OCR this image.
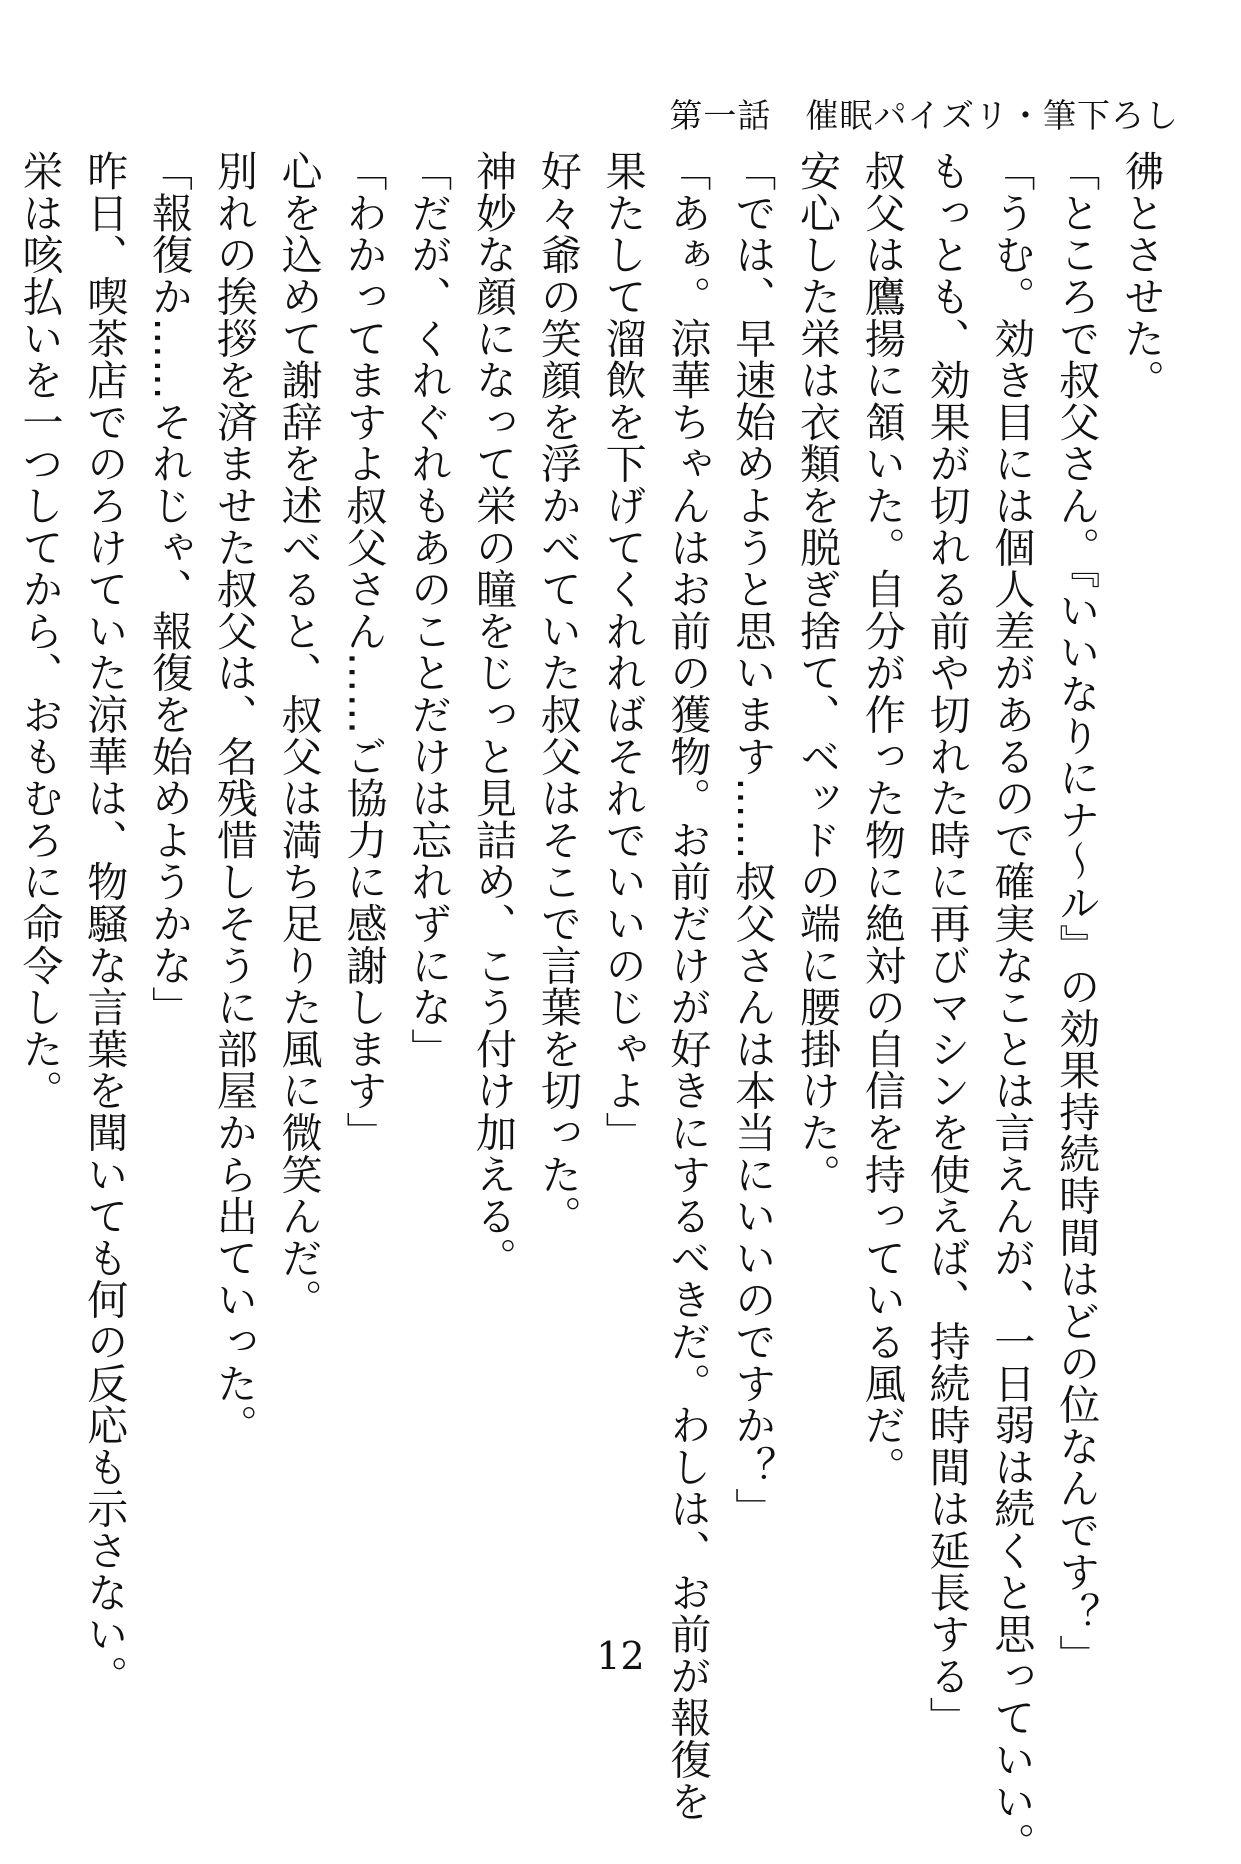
第一話　催眠パイズリ・筆下ろし
彿とさせた。
「ところで叔父さん。『いいなりにナ～ル』の効果持続時間はどの位なんです？」
「うむ。効き目には個人差があるので確実なことは言えんが、一日弱は続くと思っていい。
もっとも、効果が切れる前や切れた時に再びマシンを使えば、持続時間は延長する」
叔父は鷹揚に頷いた。自分が作った物に絶対の自信を持っている風だ。
安心した栄は衣類を脱ぎ捨て、ベッドの端に腰掛けた。
「では、早速始めようと思います……叔父さんは本当にいいのですか？」
「あぁ。涼華ちゃんはお前の獲物。お前だけが好きにするべきだ。わしは、お前が報復を
果たして溜飲を下げてくれればそれでいいのじゃよ」
好々爺の笑顔を浮かべていた叔父はそこで言葉を切った。
神妙な顔になって栄の瞳をじっと見詰め、こう付け加える。
「だが、くれぐれもあのことだけは忘れずにな」
「わかってますよ叔父さん……ご協力に感謝します」
心を込めて謝辞を述べると、叔父は満ち足りた風に微笑んだ。
別れの挨拶を済ませた叔父は、名残惜しそうに部屋から出ていった。
「報復か……それじゃ、報復を始めようかな」
昨日、喫茶店でのろけていた涼華は、物騒な言葉を聞いても何の反応も示さない。
栄は咳払いを一つしてから、おもむろに命令した。
12
